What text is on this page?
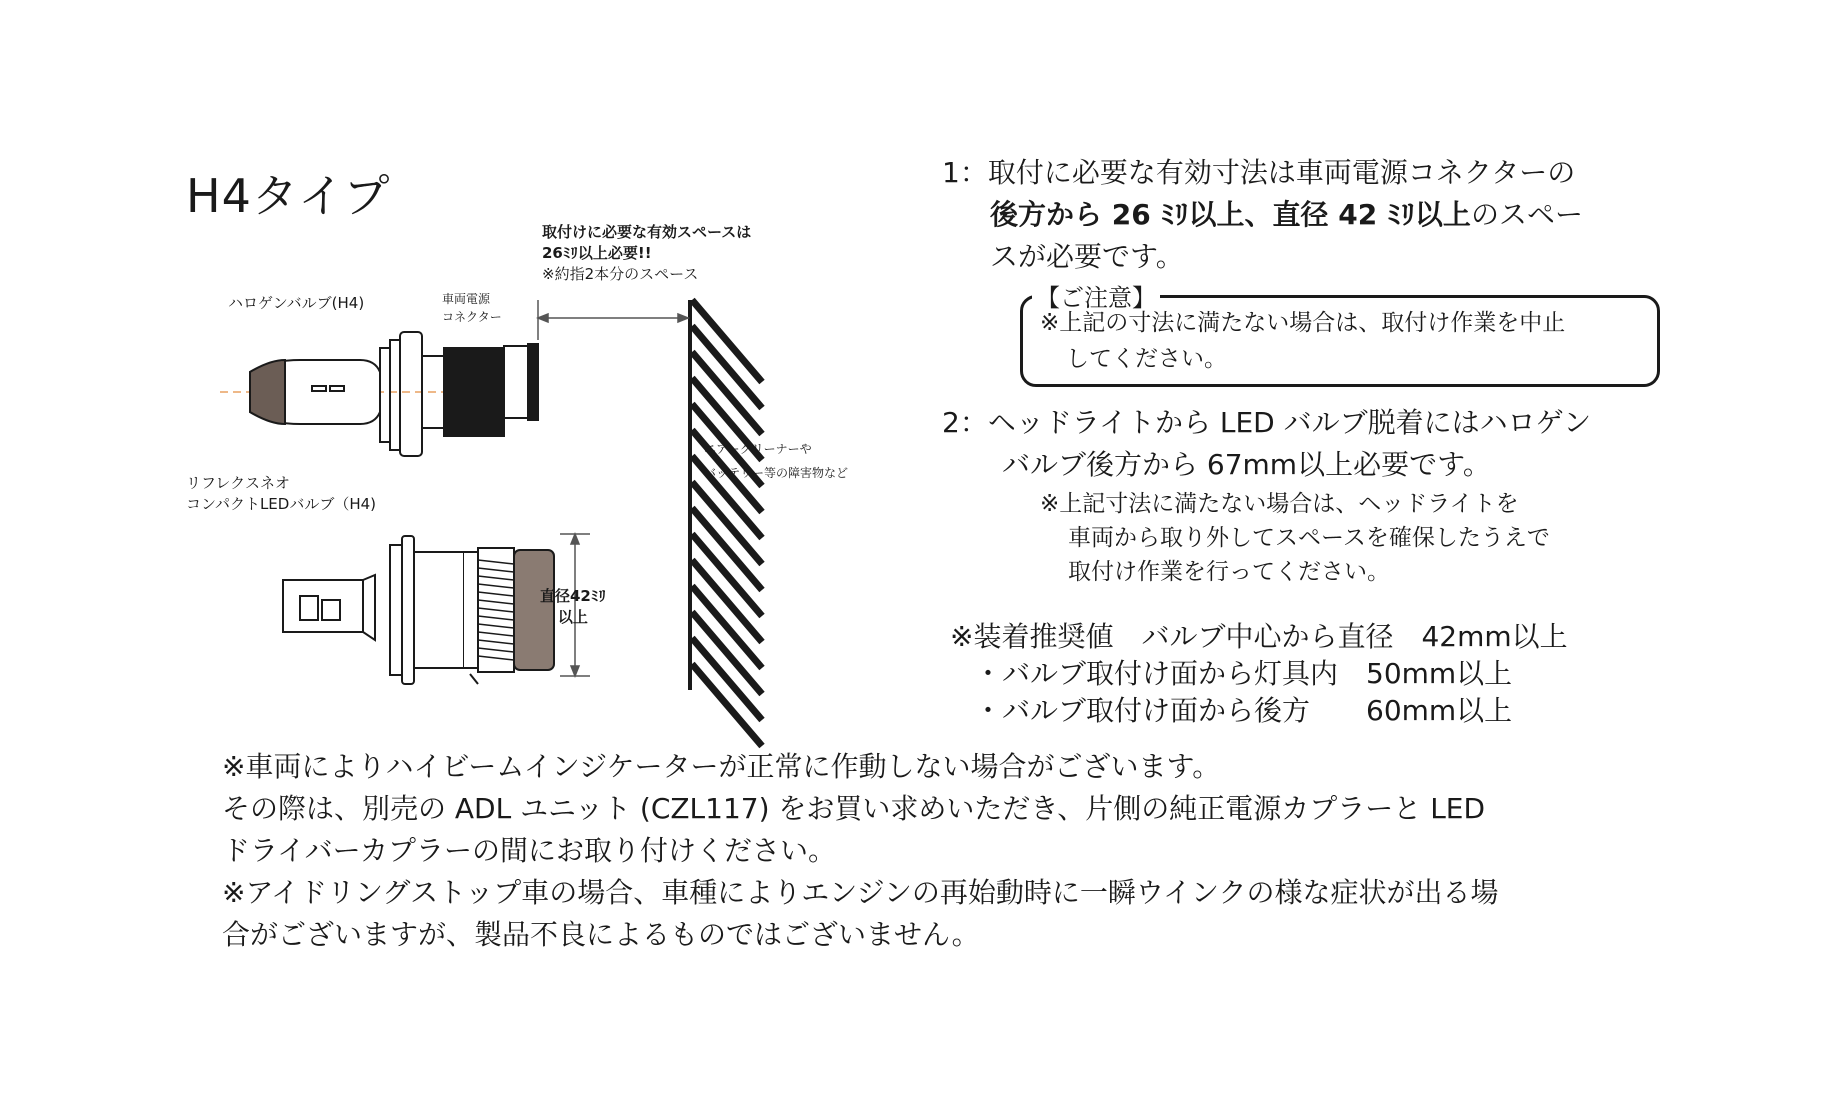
H4タイプ
取付けに必要な有効スペースは
26ﾐﾘ以上必要!!
※約指2本分のスペース
ハロゲンバルブ(H4)	車両電源
コネクター
エアークリーナーや
バッテリー等の障害物など
リフレクスネオ
コンパクトLEDバルブ（H4)
直径42ﾐﾘ
以上
1：取付に必要な有効寸法は車両電源コネクターの
後方から 26 ﾐﾘ以上、直径 42 ﾐﾘ以上のスペー
スが必要です。
【ご注意】
※上記の寸法に満たない場合は、取付け作業を中止
してください。
2：ヘッドライトから LED バルブ脱着にはハロゲン
バルブ後方から 67mm以上必要です。
※上記寸法に満たない場合は、ヘッドライトを
車両から取り外してスペースを確保したうえで
取付け作業を行ってください。
※装着推奨値　バルブ中心から直径　42mm以上
・バルブ取付け面から灯具内　50mm以上
・バルブ取付け面から後方　　60mm以上
※車両によりハイビームインジケーターが正常に作動しない場合がございます。
その際は、別売の ADL ユニット (CZL117) をお買い求めいただき、片側の純正電源カプラーと LED
ドライバーカプラーの間にお取り付けください。
※アイドリングストップ車の場合、車種によりエンジンの再始動時に一瞬ウインクの様な症状が出る場
合がございますが、製品不良によるものではございません。
